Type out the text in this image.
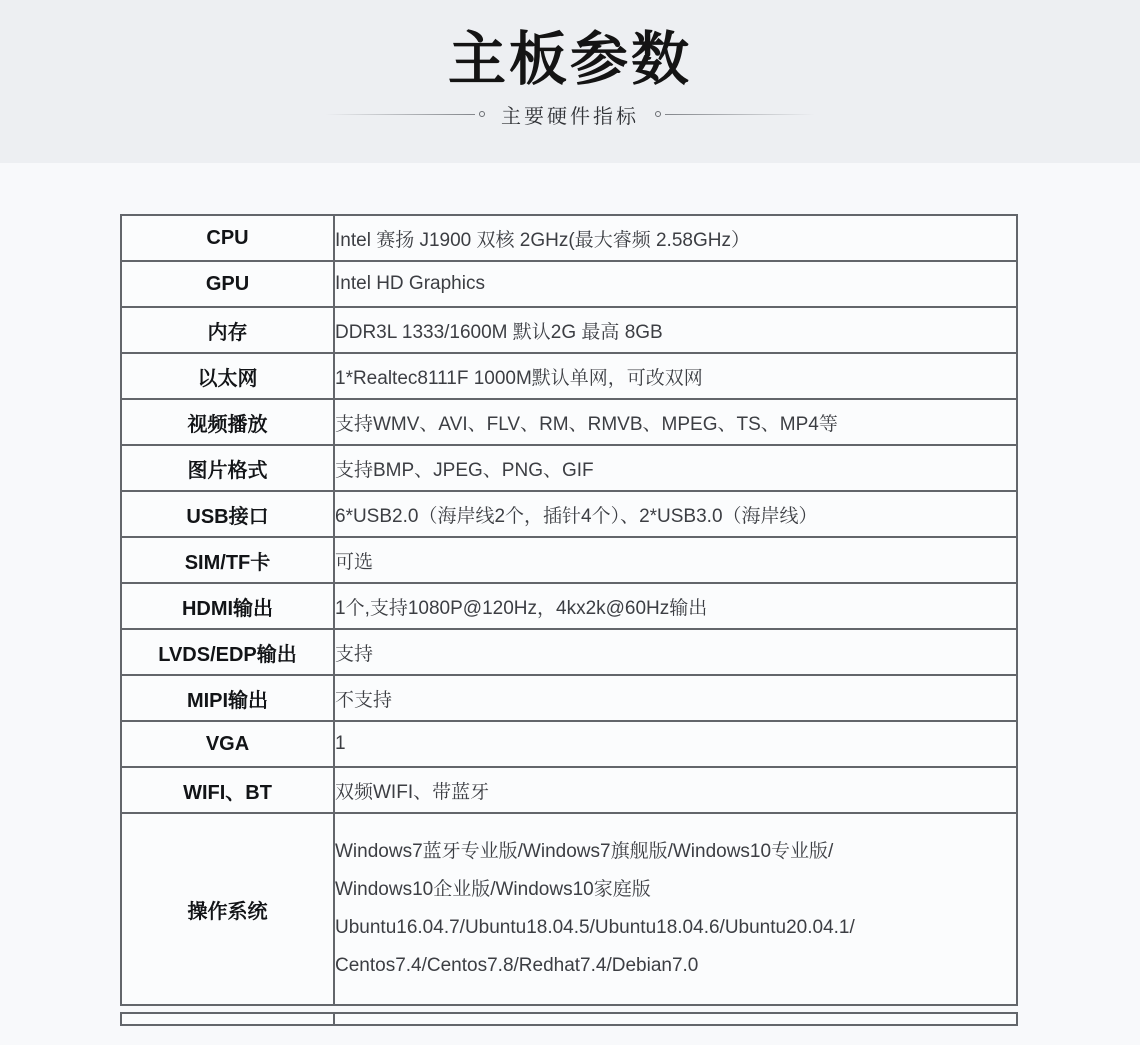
主板参数
主要硬件指标
CPU	Intel 赛扬 J1900 双核 2GHz(最大睿频 2.58GHz）
GPU	Intel HD Graphics
内存	DDR3L 1333/1600M 默认2G 最高 8GB
以太网	1*Realtec8111F 1000M默认单网，可改双网
视频播放	支持WMV、AVI、FLV、RM、RMVB、MPEG、TS、MP4等
图片格式	支持BMP、JPEG、PNG、GIF
USB接口	6*USB2.0（海岸线2个，插针4个）、2*USB3.0（海岸线）
SIM/TF卡	可选
HDMI输出	1个,支持1080P@120Hz，4kx2k@60Hz输出
LVDS/EDP输出	支持
MIPI输出	不支持
VGA	1
WIFI、BT	双频WIFI、带蓝牙
操作系统	Windows7蓝牙专业版/Windows7旗舰版/Windows10专业版/
Windows10企业版/Windows10家庭版
Ubuntu16.04.7/Ubuntu18.04.5/Ubuntu18.04.6/Ubuntu20.04.1/
Centos7.4/Centos7.8/Redhat7.4/Debian7.0
